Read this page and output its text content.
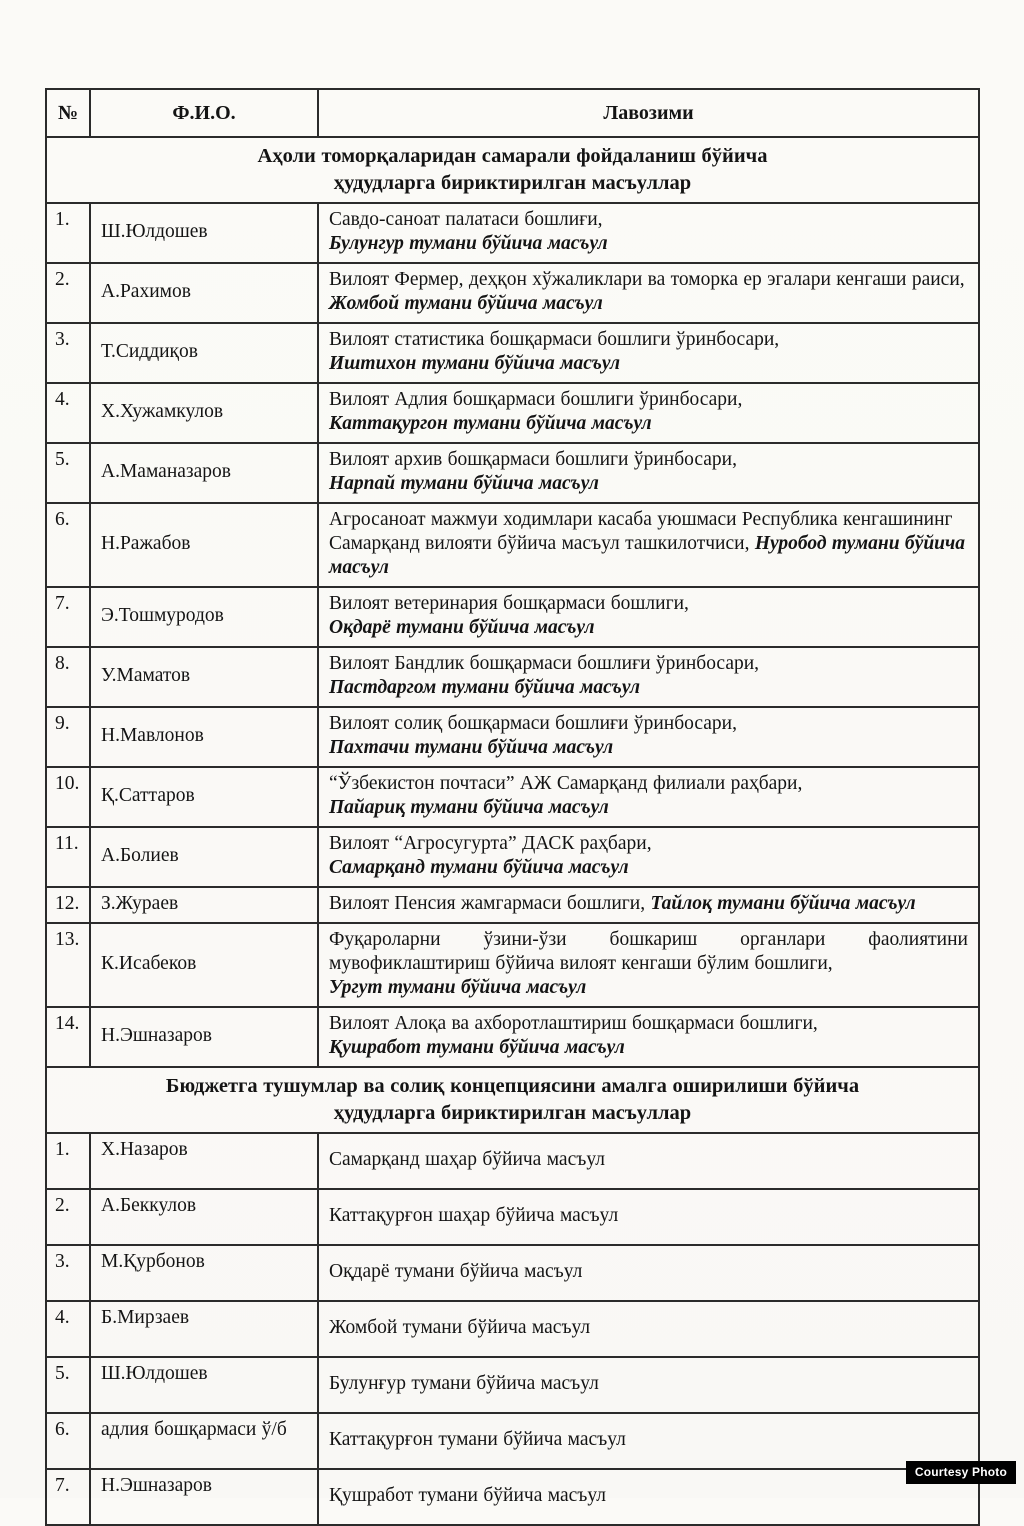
№	Ф.И.О.	Лавозими

Аҳоли томорқаларидан самарали фойдаланиш бўйича
ҳудудларга бириктирилган масъуллар		

1.	Ш.Юлдошев	Савдо-саноат палатаси бошлиғи,
Булунгур тумани бўйича масъул

2.	А.Рахимов	Вилоят Фермер, деҳқон хўжаликлари ва томорка ер эгалари кенгаши раиси, Жомбой тумани бўйича масъул
3.	Т.Сиддиқов	Вилоят статистика бошқармаси бошлиги ўринбосари,
Иштихон тумани бўйича масъул

4.	Х.Хужамкулов	Вилоят Адлия бошқармаси бошлиги ўринбосари,
Каттақургон тумани бўйича масъул

5.	А.Маманазаров	Вилоят архив бошқармаси бошлиги ўринбосари,
Нарпай тумани бўйича масъул

6.	Н.Ражабов	Агросаноат мажмуи ходимлари касаба уюшмаси Республика кенгашининг Самарқанд вилояти бўйича масъул ташкилотчиси, Нуробод тумани бўйича масъул
7.	Э.Тошмуродов	Вилоят ветеринария бошқармаси бошлиги,
Оқдарё тумани бўйича масъул

8.	У.Маматов	Вилоят Бандлик бошқармаси бошлиғи ўринбосари,
Пастдаргом тумани бўйича масъул

9.	Н.Мавлонов	Вилоят солиқ бошқармаси бошлиғи ўринбосари,
Пахтачи тумани бўйича масъул

10.	Қ.Саттаров	“Ўзбекистон почтаси” АЖ Самарқанд филиали раҳбари,
Пайариқ тумани бўйича масъул

11.	А.Болиев	Вилоят “Агросугурта” ДАСК раҳбари,
Самарқанд тумани бўйича масъул

12.	З.Жураев	Вилоят Пенсия жамгармаси бошлиги, Тайлоқ тумани бўйича масъул
13.	К.Исабеков	Фуқароларни ўзини-ўзи бошкариш органлари фаолиятини мувофиклаштириш бўйича вилоят кенгаши бўлим бошлиги,
Ургут тумани бўйича масъул

14.	Н.Эшназаров	Вилоят Алоқа ва ахборотлаштириш бошқармаси бошлиги,
Қушработ тумани бўйича масъул

Бюджетга тушумлар ва солиқ концепциясини амалга оширилиши бўйича
ҳудудларга бириктирилган масъуллар		

1.	Х.Назаров	Самарқанд шаҳар бўйича масъул
2.	А.Беккулов	Каттақурғон шаҳар бўйича масъул
3.	М.Қурбонов	Оқдарё тумани бўйича масъул
4.	Б.Мирзаев	Жомбой тумани бўйича масъул
5.	Ш.Юлдошев	Булунғур тумани бўйича масъул
6.	адлия бошқармаси ў/б	Каттақурғон тумани бўйича масъул
7.	Н.Эшназаров	Қушработ тумани бўйича масъул
Courtesy Photo
